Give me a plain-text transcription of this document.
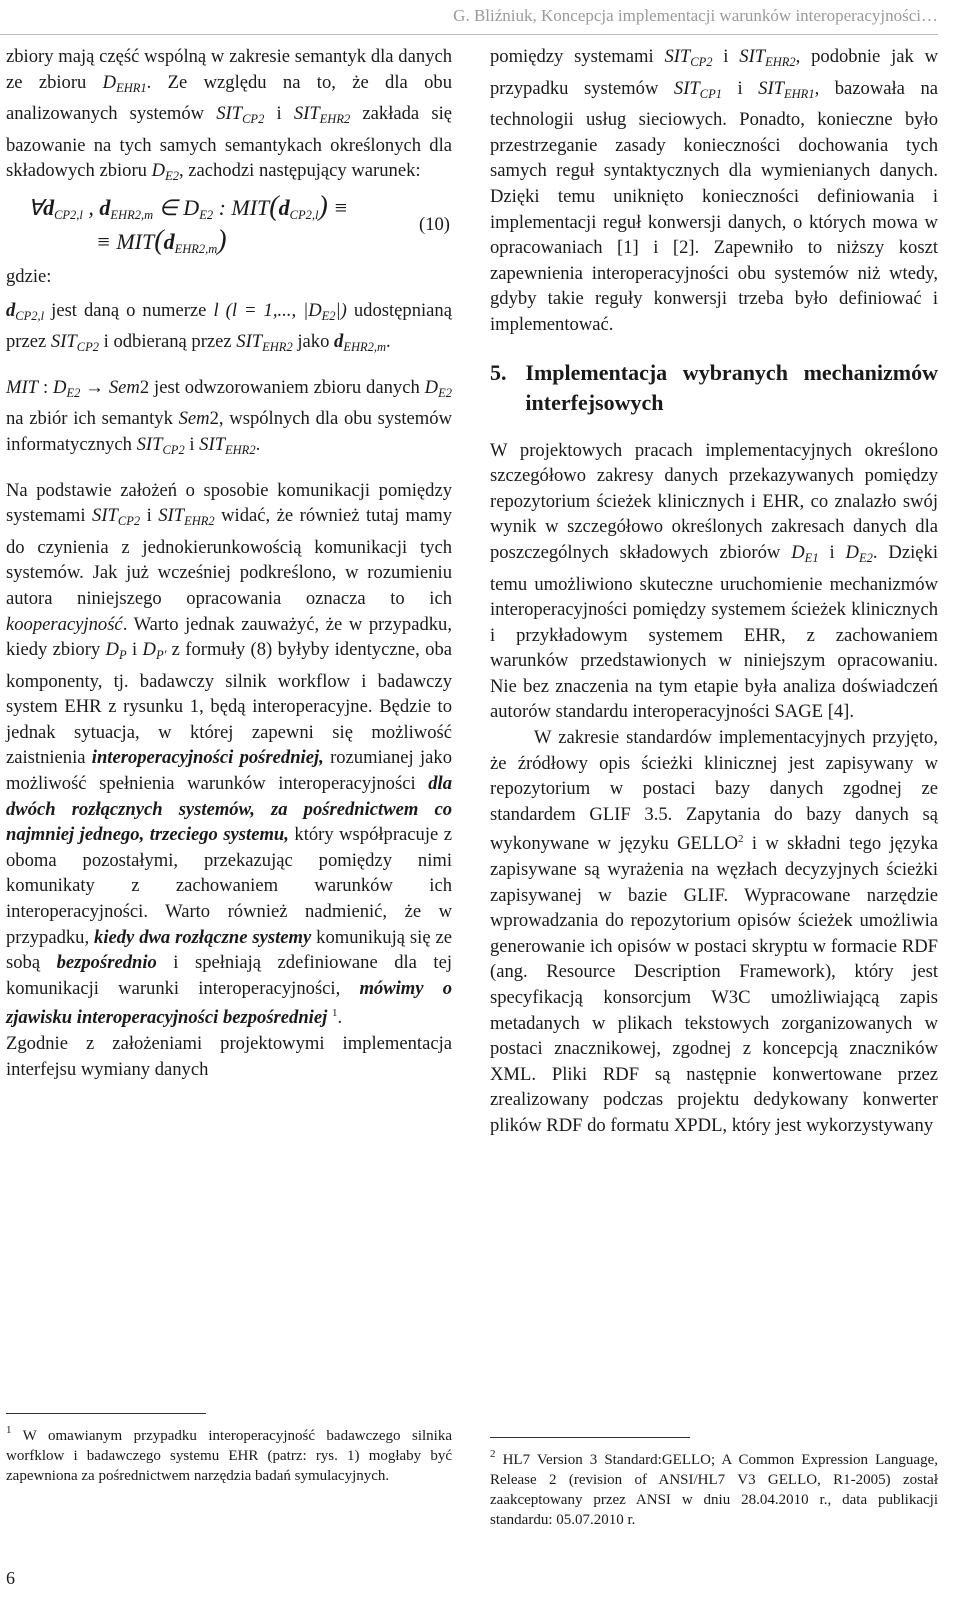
G. Bliźniuk, Koncepcja implementacji warunków interoperacyjności…

zbiory mają część wspólną w zakresie semantyk dla danych ze zbioru $D_{EHR1}$. Ze względu na to, że dla obu analizowanych systemów $SIT_{CP2}$ i $SIT_{EHR2}$ zakłada się bazowanie na tych samych semantykach określonych dla składowych zbioru $D_{E2}$, zachodzi następujący warunek:

$\forall d_{CP}2,_l$ , $d_{EHR}2,_m$ ∈ $D_E2$ : $MIT(d_{CP}2,_l)$ ≡
≡ $MIT(d_{EHR}2,_m)$
(10)

gdzie:

$d_{CP2,l}$ jest daną o numerze l (l = 1,..., $|D_{E2}|$) udostępnianą przez $SIT_{CP2}$ i odbieraną przez $SIT_{EHR2}$ jako $d_{EHR2,m}$.

MIT : $D_{E2} \to Sem2$ jest odwzorowaniem zbioru danych $D_{E2}$ na zbiór ich semantyk Sem2, wspólnych dla obu systemów informatycznych $SIT_{CP2}$ i $SIT_{EHR2}$.

Na podstawie założeń o sposobie komunikacji pomiędzy systemami $SIT_{CP2}$ i $SIT_{EHR2}$ widać, że również tutaj mamy do czynienia z jednokierunkowością komunikacji tych systemów. Jak już wcześniej podkreślono, w rozumieniu autora niniejszego opracowania oznacza to ich kooperacyjność. Warto jednak zauważyć, że w przypadku, kiedy zbiory $D_P$ i $D_{P'}$ z formuły (8) byłyby identyczne, oba komponenty, tj. badawczy silnik workflow i badawczy system EHR z rysunku 1, będą interoperacyjne. Będzie to jednak sytuacja, w której zapewni się możliwość zaistnienia interoperacyjności pośredniej, rozumianej jako możliwość spełnienia warunków interoperacyjności dla dwóch rozłącznych systemów, za pośrednictwem co najmniej jednego, trzeciego systemu, który współpracuje z oboma pozostałymi, przekazując pomiędzy nimi komunikaty z zachowaniem warunków ich interoperacyjności. Warto również nadmienić, że w przypadku, kiedy dwa rozłączne systemy komunikują się ze sobą bezpośrednio i spełniają zdefiniowane dla tej komunikacji warunki interoperacyjności, mówimy o zjawisku interoperacyjności bezpośredniej $^1$.

Zgodnie z założeniami projektowymi implementacja interfejsu wymiany danych

$^1$ W omawianym przypadku interoperacyjność badawczego silnika worfklow i badawczego systemu EHR (patrz: rys. 1) mogłaby być zapewniona za pośrednictwem narzędzia badań symulacyjnych.

pomiędzy systemami $SIT_{CP2}$ i $SIT_{EHR2}$, podobnie jak w przypadku systemów $SIT_{CP1}$ i $SIT_{EHR1}$, bazowała na technologii usług sieciowych. Ponadto, konieczne było przestrzeganie zasady konieczności dochowania tych samych reguł syntaktycznych dla wymienianych danych. Dzięki temu uniknięto konieczności definiowania i implementacji reguł konwersji danych, o których mowa w opracowaniach [1] i [2]. Zapewniło to niższy koszt zapewnienia interoperacyjności obu systemów niż wtedy, gdyby takie reguły konwersji trzeba było definiować i implementować.

5. Implementacja wybranych mechanizmów interfejsowych

W projektowych pracach implementacyjnych określono szczegółowo zakresy danych przekazywanych pomiędzy repozytorium ścieżek klinicznych i EHR, co znalazło swój wynik w szczegółowo określonych zakresach danych dla poszczególnych składowych zbiorów $D_{E1}$ i $D_{E2}$. Dzięki temu umożliwiono skuteczne uruchomienie mechanizmów interoperacyjności pomiędzy systemem ścieżek klinicznych i przykładowym systemem EHR, z zachowaniem warunków przedstawionych w niniejszym opracowaniu. Nie bez znaczenia na tym etapie była analiza doświadczeń autorów standardu interoperacyjności SAGE [4].

W zakresie standardów implementacyjnych przyjęto, że źródłowy opis ścieżki klinicznej jest zapisywany w repozytorium w postaci bazy danych zgodnej ze standardem GLIF 3.5. Zapytania do bazy danych są wykonywane w języku GELLO$^2$ i w składni tego języka zapisywane są wyrażenia na węzłach decyzyjnych ścieżki zapisywanej w bazie GLIF. Wypracowane narzędzie wprowadzania do repozytorium opisów ścieżek umożliwia generowanie ich opisów w postaci skryptu w formacie RDF (ang. Resource Description Framework), który jest specyfikacją konsorcjum W3C umożliwiającą zapis metadanych w plikach tekstowych zorganizowanych w postaci znacznikowej, zgodnej z koncepcją znaczników XML. Pliki RDF są następnie konwertowane przez zrealizowany podczas projektu dedykowany konwerter plików RDF do formatu XPDL, który jest wykorzystywany

$^2$ HL7 Version 3 Standard:GELLO; A Common Expression Language, Release 2 (revision of ANSI/HL7 V3 GELLO, R1-2005) został zaakceptowany przez ANSI w dniu 28.04.2010 r., data publikacji standardu: 05.07.2010 r.
6
